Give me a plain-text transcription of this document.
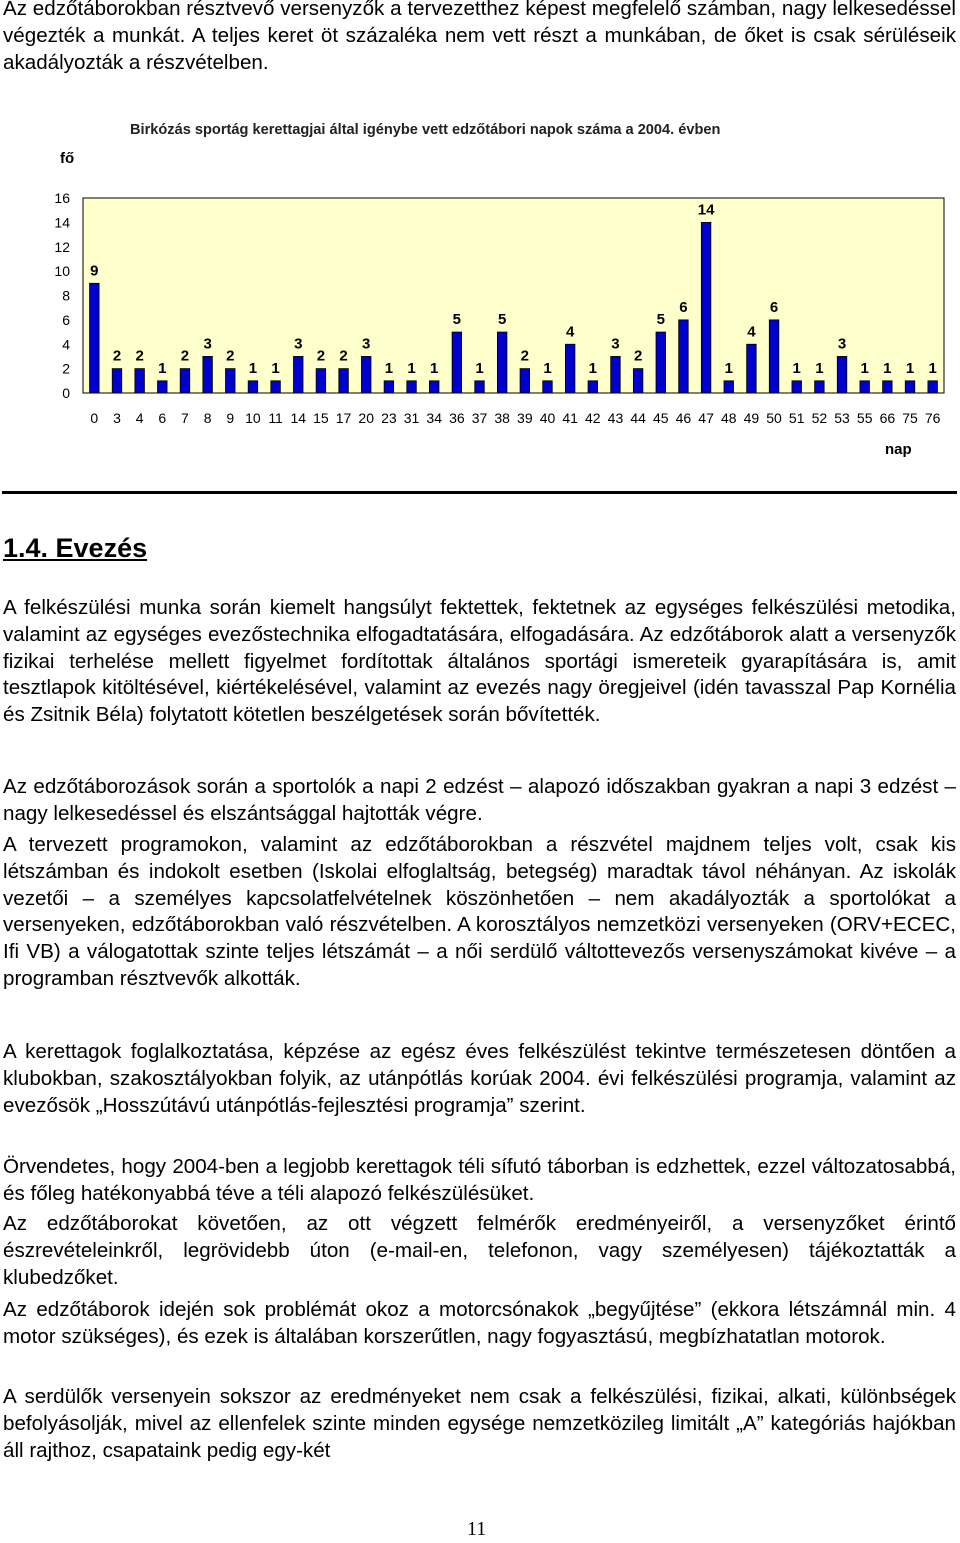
Az edzőtáborokban résztvevő versenyzők a tervezetthez képest megfelelő számban, nagy lelkesedéssel végezték a munkát. A teljes keret öt százaléka nem vett részt a munkában, de őket is csak sérüléseik akadályozták a részvételben.

fő
Birkózás sportág kerettagjai által igénybe vett edzőtábori napok száma a 2004. évben
0
2
4
6
8
10
12
14
16
9
0
2
3
2
4
1
6
2
7
3
8
2
9
1
10
1
11
3
14
2
15
2
17
3
20
1
23
1
31
1
34
5
36
1
37
5
38
2
39
1
40
4
41
1
42
3
43
2
44
5
45
6
46
14
47
1
48
4
49
6
50
1
51
1
52
3
53
1
55
1
66
1
75
1
76
nap
1.4. Evezés

A felkészülési munka során kiemelt hangsúlyt fektettek, fektetnek az egységes felkészülési metodika, valamint az egységes evezőstechnika elfogadtatására, elfogadására. Az edzőtáborok alatt a versenyzők fizikai terhelése mellett figyelmet fordítottak általános sportági ismereteik gyarapítására is, amit tesztlapok kitöltésével, kiértékelésével, valamint az evezés nagy öregjeivel (idén tavasszal Pap Kornélia és Zsitnik Béla) folytatott kötetlen beszélgetések során bővítették.

Az edzőtáborozások során a sportolók a napi 2 edzést – alapozó időszakban gyakran a napi 3 edzést – nagy lelkesedéssel és elszántsággal hajtották végre.

A tervezett programokon, valamint az edzőtáborokban a részvétel majdnem teljes volt, csak kis létszámban és indokolt esetben (Iskolai elfoglaltság, betegség) maradtak távol néhányan. Az iskolák vezetői – a személyes kapcsolatfelvételnek köszönhetően – nem akadályozták a sportolókat a versenyeken, edzőtáborokban való részvételben. A korosztályos nemzetközi versenyeken (ORV+ECEC, Ifi VB) a válogatottak szinte teljes létszámát – a női serdülő váltottevezős versenyszámokat kivéve – a programban résztvevők alkották.

A kerettagok foglalkoztatása, képzése az egész éves felkészülést tekintve természetesen döntően a klubokban, szakosztályokban folyik, az utánpótlás korúak 2004. évi felkészülési programja, valamint az evezősök „Hosszútávú utánpótlás-fejlesztési programja” szerint.

Örvendetes, hogy 2004-ben a legjobb kerettagok téli sífutó táborban is edzhettek, ezzel változatosabbá, és főleg hatékonyabbá téve a téli alapozó felkészülésüket.

Az edzőtáborokat követően, az ott végzett felmérők eredményeiről, a versenyzőket érintő észrevételeinkről, legrövidebb úton (e-mail-en, telefonon, vagy személyesen) tájékoztatták a klubedzőket.

Az edzőtáborok idején sok problémát okoz a motorcsónakok „begyűjtése” (ekkora létszámnál min. 4 motor szükséges), és ezek is általában korszerűtlen, nagy fogyasztású, megbízhatatlan motorok.

A serdülők versenyein sokszor az eredményeket nem csak a felkészülési, fizikai, alkati, különbségek befolyásolják, mivel az ellenfelek szinte minden egysége nemzetközileg limitált „A” kategóriás hajókban áll rajthoz, csapataink pedig egy-két

11
